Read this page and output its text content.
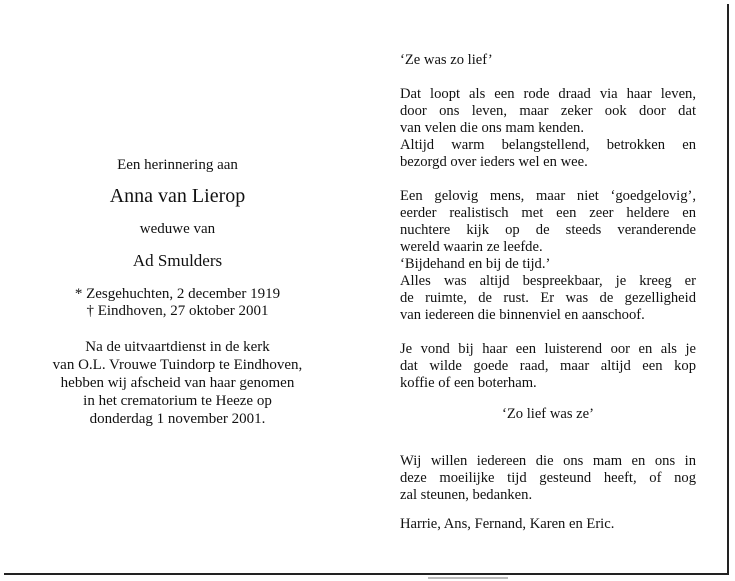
Een herinnering aan
Anna van Lierop
weduwe van
Ad Smulders
* Zesgehuchten, 2 december 1919
† Eindhoven, 27 oktober 2001
Na de uitvaartdienst in de kerk
van O.L. Vrouwe Tuindorp te Eindhoven,
hebben wij afscheid van haar genomen
in het crematorium te Heeze op
donderdag 1 november 2001.

‘Ze was zo lief’

Dat loopt als een rode draad via haar leven,
door ons leven, maar zeker ook door dat
van velen die ons mam kenden.
Altijd warm belangstellend, betrokken en
bezorgd over ieders wel en wee.
Een gelovig mens, maar niet ‘goedgelovig’,
eerder realistisch met een zeer heldere en
nuchtere kijk op de steeds veranderende
wereld waarin ze leefde.
‘Bijdehand en bij de tijd.’
Alles was altijd bespreekbaar, je kreeg er
de ruimte, de rust. Er was de gezelligheid
van iedereen die binnenviel en aanschoof.
Je vond bij haar een luisterend oor en als je
dat wilde goede raad, maar altijd een kop
koffie of een boterham.

‘Zo lief was ze’

Wij willen iedereen die ons mam en ons in
deze moeilijke tijd gesteund heeft, of nog
zal steunen, bedanken.

Harrie, Ans, Fernand, Karen en Eric.
